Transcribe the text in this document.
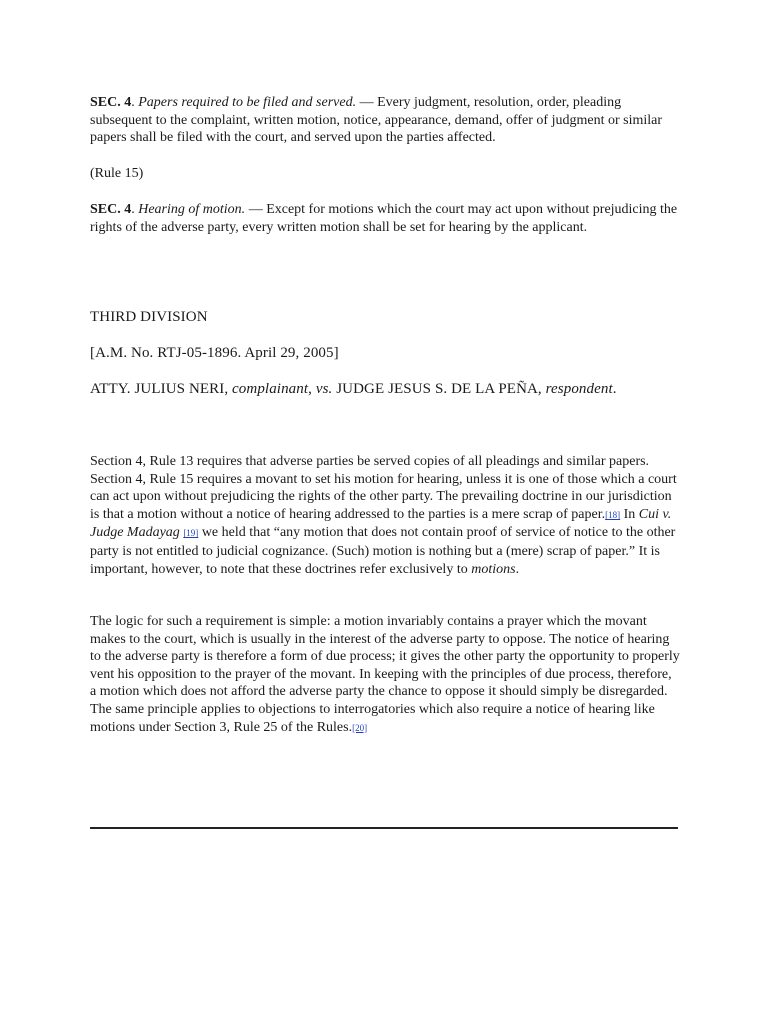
SEC. 4. Papers required to be filed and served. — Every judgment, resolution, order, pleading subsequent to the complaint, written motion, notice, appearance, demand, offer of judgment or similar papers shall be filed with the court, and served upon the parties affected.
(Rule 15)
SEC. 4. Hearing of motion. — Except for motions which the court may act upon without prejudicing the rights of the adverse party, every written motion shall be set for hearing by the applicant.
THIRD DIVISION
[A.M. No. RTJ-05-1896. April 29, 2005]
ATTY. JULIUS NERI, complainant, vs. JUDGE JESUS S. DE LA PEÑA, respondent.
Section 4, Rule 13 requires that adverse parties be served copies of all pleadings and similar papers. Section 4, Rule 15 requires a movant to set his motion for hearing, unless it is one of those which a court can act upon without prejudicing the rights of the other party. The prevailing doctrine in our jurisdiction is that a motion without a notice of hearing addressed to the parties is a mere scrap of paper.[18] In Cui v. Judge Madayag [19] we held that “any motion that does not contain proof of service of notice to the other party is not entitled to judicial cognizance. (Such) motion is nothing but a (mere) scrap of paper.” It is important, however, to note that these doctrines refer exclusively to motions.
The logic for such a requirement is simple: a motion invariably contains a prayer which the movant makes to the court, which is usually in the interest of the adverse party to oppose. The notice of hearing to the adverse party is therefore a form of due process; it gives the other party the opportunity to properly vent his opposition to the prayer of the movant. In keeping with the principles of due process, therefore, a motion which does not afford the adverse party the chance to oppose it should simply be disregarded. The same principle applies to objections to interrogatories which also require a notice of hearing like motions under Section 3, Rule 25 of the Rules.[20]
